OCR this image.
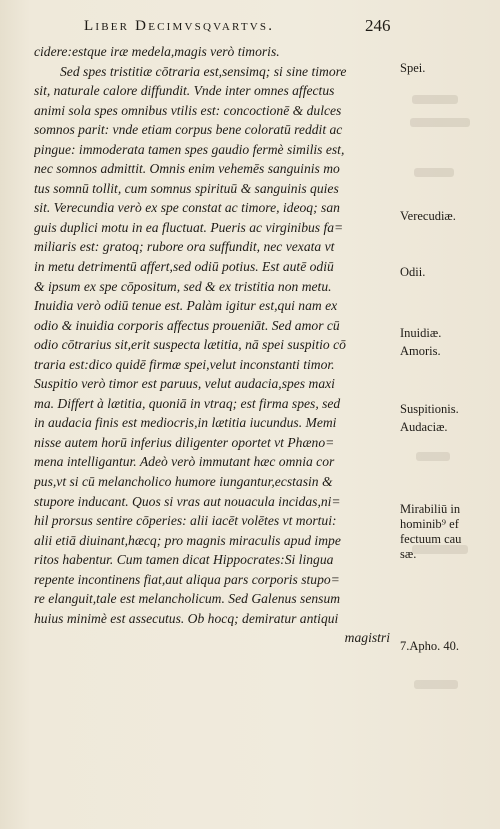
Liber Decimvsqvartvs.	246
cidere:estque iræ medela,magis verò timoris.
Sed spes tristitiæ cōtraria est,sensimq; si sine timore
sit, naturale calore diffundit. Vnde inter omnes affectus
animi sola spes omnibus vtilis est: concoctionē & dulces
somnos parit: vnde etiam corpus bene coloratū reddit ac
pingue: immoderata tamen spes gaudio fermè similis est,
nec somnos admittit. Omnis enim vehemēs sanguinis mo
tus somnū tollit, cum somnus spirituū & sanguinis quies
sit. Verecundia verò ex spe constat ac timore, ideoq; san
guis duplici motu in ea fluctuat. Pueris ac virginibus fa=
miliaris est: gratoq; rubore ora suffundit, nec vexata vt
in metu detrimentū affert,sed odiū potius. Est autē odiū
& ipsum ex spe cōpositum, sed & ex tristitia non metu.
Inuidia verò odiū tenue est. Palàm igitur est,qui nam ex
odio & inuidia corporis affectus proueniāt. Sed amor cū
odio cōtrarius sit,erit suspecta lætitia, nā spei suspitio cō
traria est:dico quidē firmæ spei,velut inconstanti timor.
Suspitio verò timor est paruus, velut audacia,spes maxi
ma. Differt à lætitia, quoniā in vtraq; est firma spes, sed
in audacia finis est mediocris,in lætitia iucundus. Memi
nisse autem horū inferius diligenter oportet vt Phæno=
mena intelligantur. Adeò verò immutant hæc omnia cor
pus,vt si cū melancholico humore iungantur,ecstasin &
stupore inducant. Quos si vras aut nouacula incidas,ni=
hil prorsus sentire cōperies: alii iacēt volētes vt mortui:
alii etiā diuinant,hæcq; pro magnis miraculis apud impe
ritos habentur. Cum tamen dicat Hippocrates:Si lingua
repente incontinens fiat,aut aliqua pars corporis stupo=
re elanguit,tale est melancholicum. Sed Galenus sensum
huius minimè est assecutus. Ob hocq; demiratur antiqui
magistri
Spei.
Verecudiæ.
Odii.
Inuidiæ.
Amoris.
Suspitionis.
Audaciæ.
Mirabiliū in
hominib⁹ ef
fectuum cau
sæ.
7.Apho. 40.
